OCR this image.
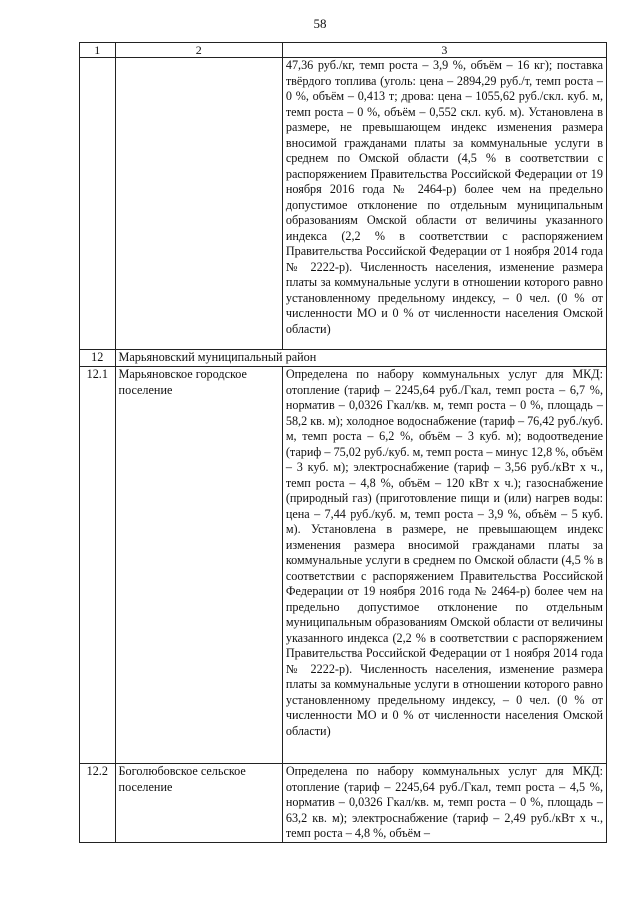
58
1	2	3
		47,36 руб./кг, темп роста – 3,9 %, объём – 16 кг); поставка твёрдого топлива (уголь: цена – 2894,29 руб./т, темп роста – 0 %, объём – 0,413 т; дрова: цена – 1055,62 руб./скл. куб. м, темп роста – 0 %, объём – 0,552 скл. куб. м). Установлена в размере, не превышающем индекс изменения размера вносимой гражданами платы за коммунальные услуги в среднем по Омской области (4,5 % в соответствии с распоряжением Правительства Российской Федерации от 19 ноября 2016 года № 2464-р) более чем на предельно допустимое отклонение по отдельным муниципальным образованиям Омской области от величины указанного индекса (2,2 % в соответствии с распоряжением Правительства Российской Федерации от 1 ноября 2014 года № 2222-р). Численность населения, изменение размера платы за коммунальные услуги в отношении которого равно установленному предельному индексу, – 0 чел. (0 % от численности МО и 0 % от численности населения Омской области)
12	Марьяновский муниципальный район	
12.1	Марьяновское городское поселение	Определена по набору коммунальных услуг для МКД: отопление (тариф – 2245,64 руб./Гкал, темп роста – 6,7 %, норматив – 0,0326 Гкал/кв. м, темп роста – 0 %, площадь – 58,2 кв. м); холодное водоснабжение (тариф – 76,42 руб./куб. м, темп роста – 6,2 %, объём – 3 куб. м); водоотведение (тариф – 75,02 руб./куб. м, темп роста – минус 12,8 %, объём – 3 куб. м); электроснабжение (тариф – 3,56 руб./кВт х ч., темп роста – 4,8 %, объём – 120 кВт х ч.); газоснабжение (природный газ) (приготовление пищи и (или) нагрев воды: цена – 7,44 руб./куб. м, темп роста – 3,9 %, объём – 5 куб. м). Установлена в размере, не превышающем индекс изменения размера вносимой гражданами платы за коммунальные услуги в среднем по Омской области (4,5 % в соответствии с распоряжением Правительства Российской Федерации от 19 ноября 2016 года № 2464-р) более чем на предельно допустимое отклонение по отдельным муниципальным образованиям Омской области от величины указанного индекса (2,2 % в соответствии с распоряжением Правительства Российской Федерации от 1 ноября 2014 года № 2222-р). Численность населения, изменение размера платы за коммунальные услуги в отношении которого равно установленному предельному индексу, – 0 чел. (0 % от численности МО и 0 % от численности населения Омской области)
12.2	Боголюбовское сельское поселение	Определена по набору коммунальных услуг для МКД: отопление (тариф – 2245,64 руб./Гкал, темп роста – 4,5 %, норматив – 0,0326 Гкал/кв. м, темп роста – 0 %, площадь – 63,2 кв. м); электроснабжение (тариф – 2,49 руб./кВт х ч., темп роста – 4,8 %, объём –
